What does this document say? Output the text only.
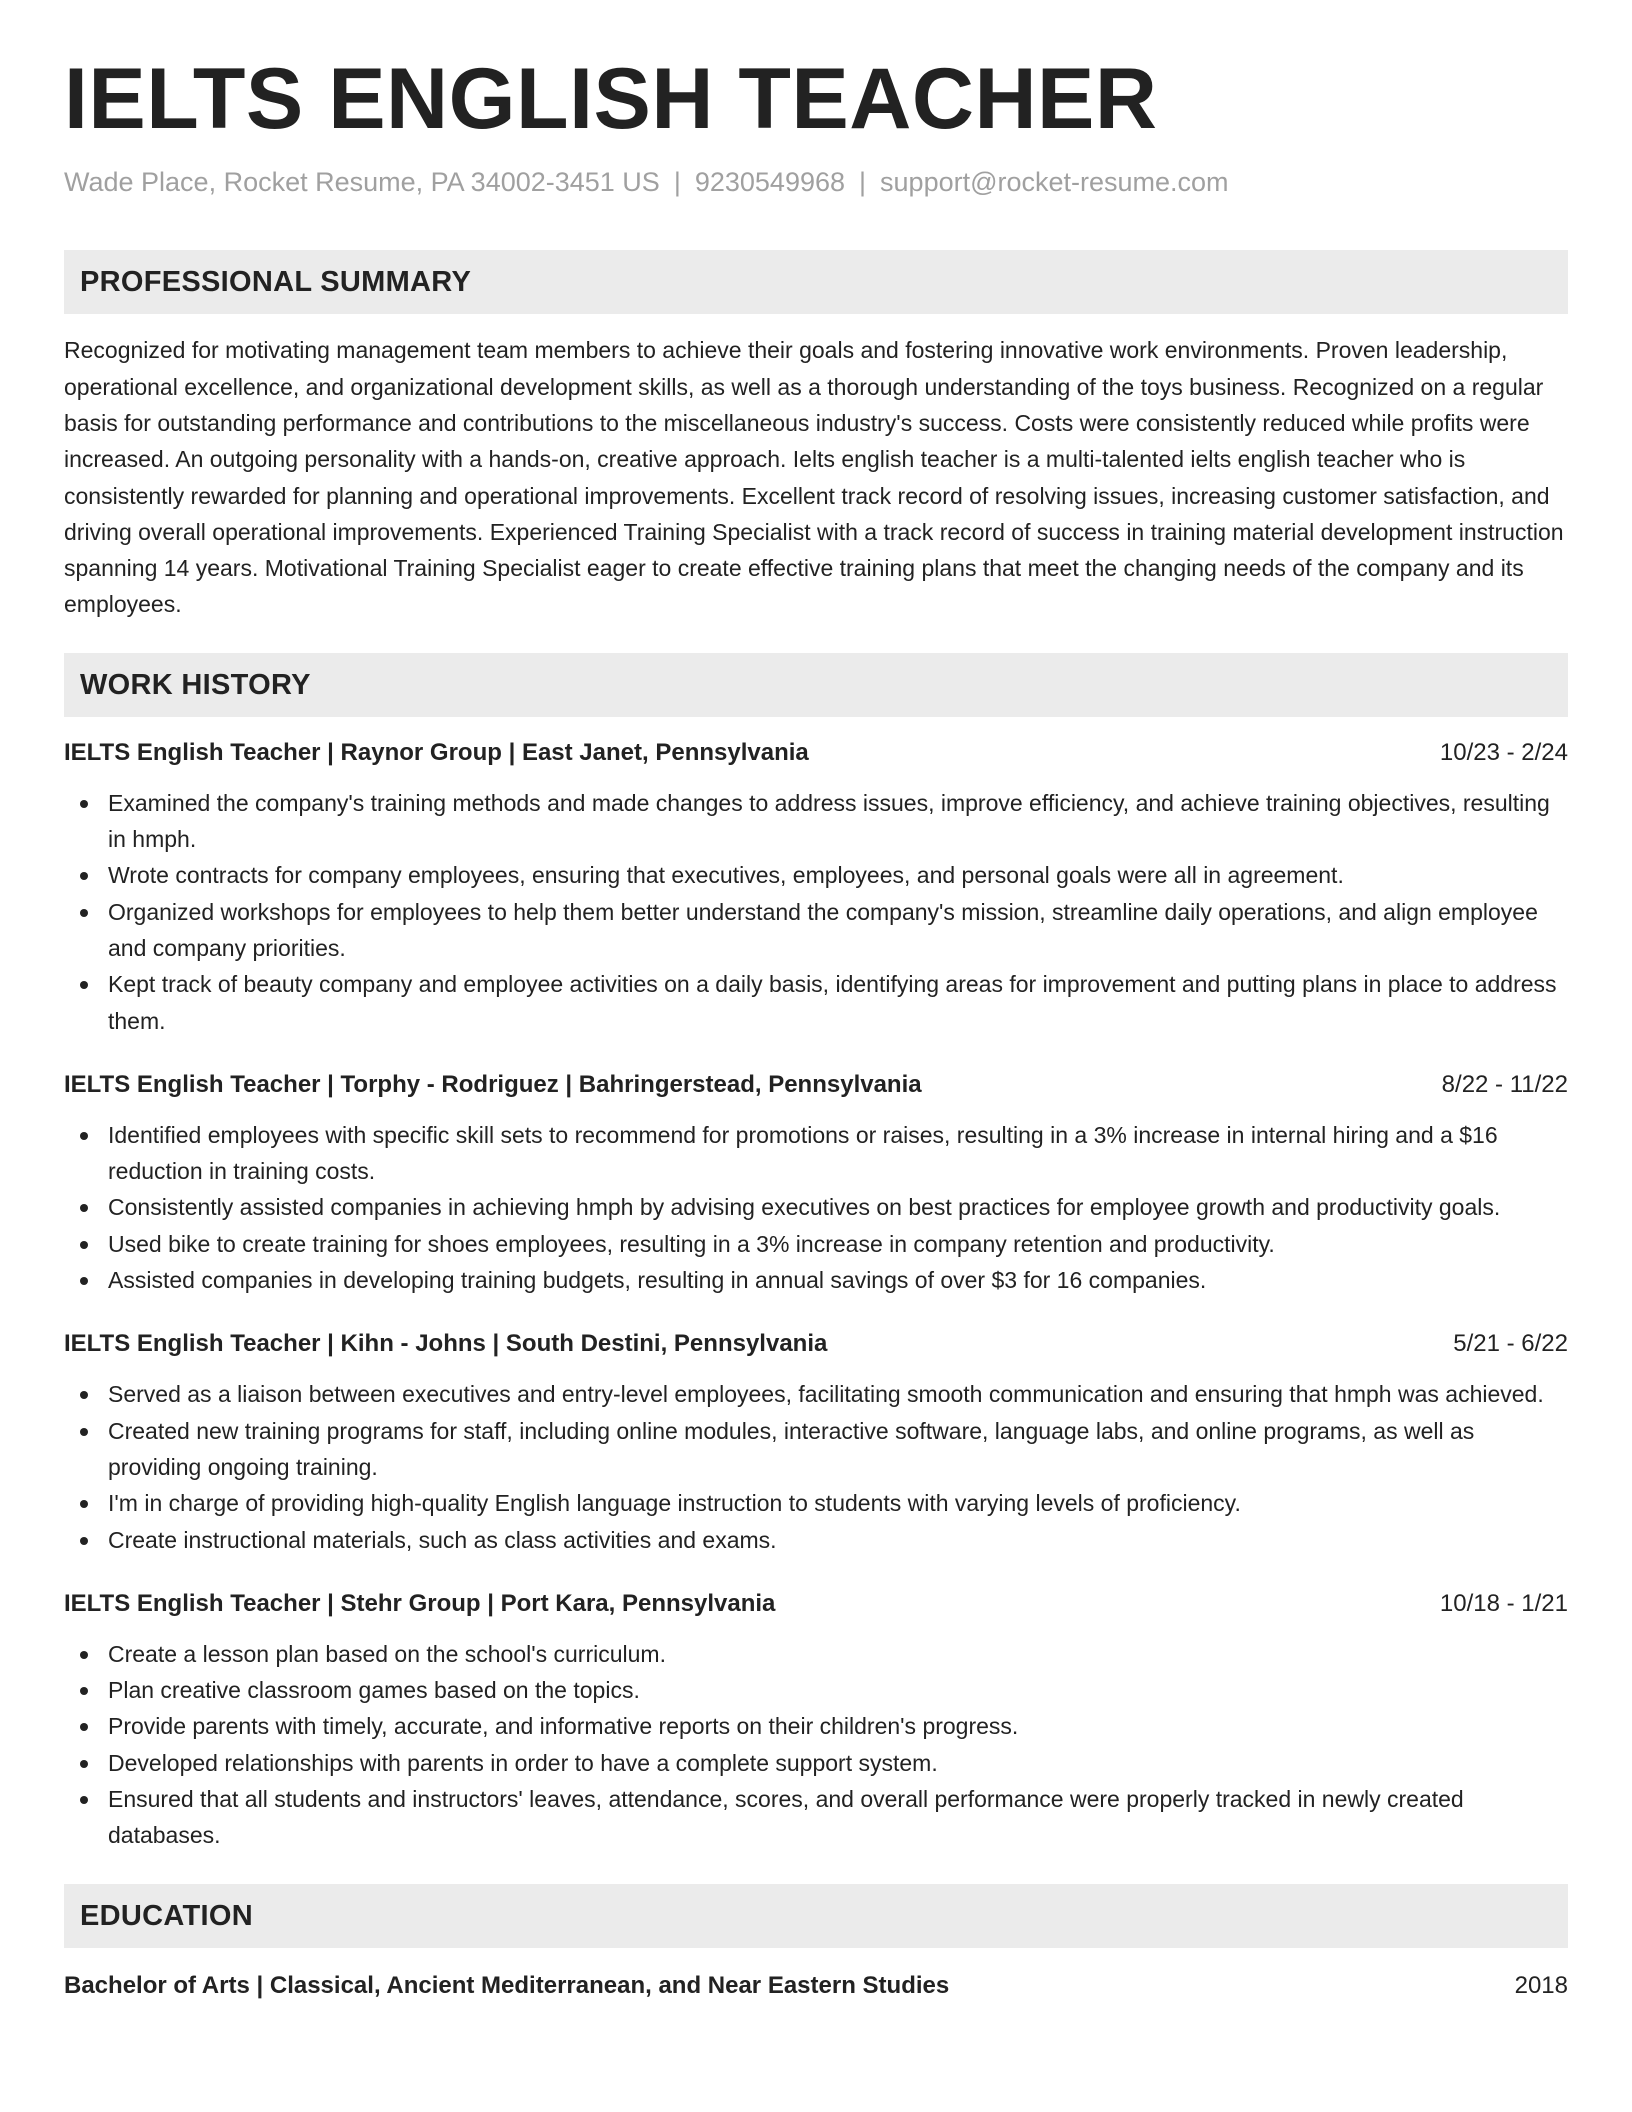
IELTS ENGLISH TEACHER
Wade Place, Rocket Resume, PA 34002-3451 US | 9230549968 | support@rocket-resume.com
PROFESSIONAL SUMMARY
Recognized for motivating management team members to achieve their goals and fostering innovative work environments. Proven leadership, operational excellence, and organizational development skills, as well as a thorough understanding of the toys business. Recognized on a regular basis for outstanding performance and contributions to the miscellaneous industry's success. Costs were consistently reduced while profits were increased. An outgoing personality with a hands-on, creative approach. Ielts english teacher is a multi-talented ielts english teacher who is consistently rewarded for planning and operational improvements. Excellent track record of resolving issues, increasing customer satisfaction, and driving overall operational improvements. Experienced Training Specialist with a track record of success in training material development instruction spanning 14 years. Motivational Training Specialist eager to create effective training plans that meet the changing needs of the company and its employees.
WORK HISTORY
IELTS English Teacher | Raynor Group | East Janet, Pennsylvania	10/23 - 2/24
Examined the company's training methods and made changes to address issues, improve efficiency, and achieve training objectives, resulting in hmph.
Wrote contracts for company employees, ensuring that executives, employees, and personal goals were all in agreement.
Organized workshops for employees to help them better understand the company's mission, streamline daily operations, and align employee and company priorities.
Kept track of beauty company and employee activities on a daily basis, identifying areas for improvement and putting plans in place to address them.
IELTS English Teacher | Torphy - Rodriguez | Bahringerstead, Pennsylvania	8/22 - 11/22
Identified employees with specific skill sets to recommend for promotions or raises, resulting in a 3% increase in internal hiring and a $16 reduction in training costs.
Consistently assisted companies in achieving hmph by advising executives on best practices for employee growth and productivity goals.
Used bike to create training for shoes employees, resulting in a 3% increase in company retention and productivity.
Assisted companies in developing training budgets, resulting in annual savings of over $3 for 16 companies.
IELTS English Teacher | Kihn - Johns | South Destini, Pennsylvania	5/21 - 6/22
Served as a liaison between executives and entry-level employees, facilitating smooth communication and ensuring that hmph was achieved.
Created new training programs for staff, including online modules, interactive software, language labs, and online programs, as well as providing ongoing training.
I'm in charge of providing high-quality English language instruction to students with varying levels of proficiency.
Create instructional materials, such as class activities and exams.
IELTS English Teacher | Stehr Group | Port Kara, Pennsylvania	10/18 - 1/21
Create a lesson plan based on the school's curriculum.
Plan creative classroom games based on the topics.
Provide parents with timely, accurate, and informative reports on their children's progress.
Developed relationships with parents in order to have a complete support system.
Ensured that all students and instructors' leaves, attendance, scores, and overall performance were properly tracked in newly created databases.
EDUCATION
Bachelor of Arts | Classical, Ancient Mediterranean, and Near Eastern Studies	2018
